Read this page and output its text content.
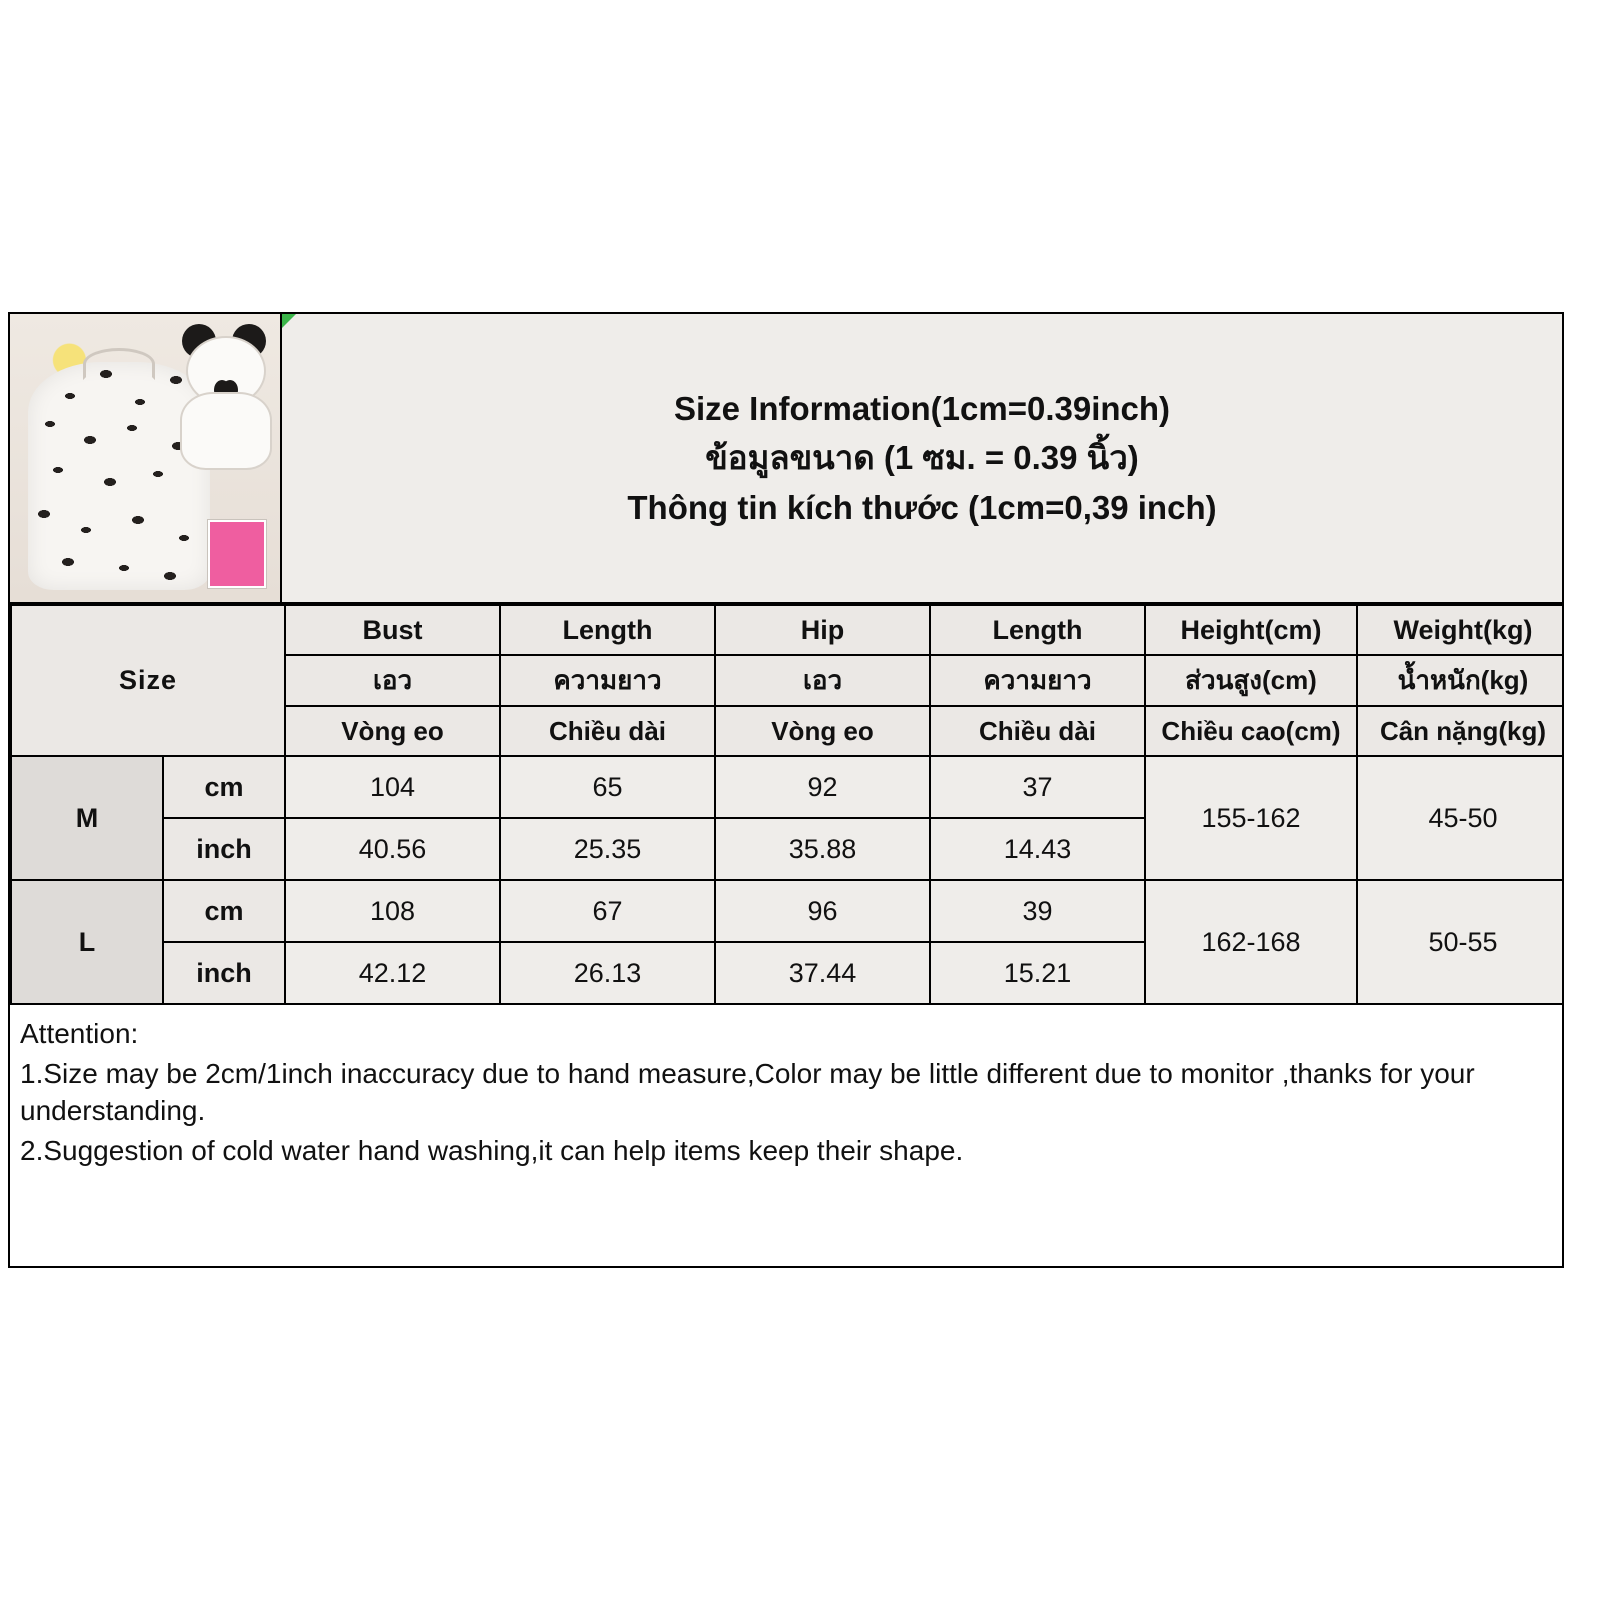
Size Information(1cm=0.39inch)
ข้อมูลขนาด (1 ซม. = 0.39 นิ้ว)
Thông tin kích thước (1cm=0,39 inch)
Size		Bust	Length	Hip	Length	Height(cm)	Weight(kg)
		เอว	ความยาว	เอว	ความยาว	ส่วนสูง(cm)	น้ำหนัก(kg)
		Vòng eo	Chiều dài	Vòng eo	Chiều dài	Chiều cao(cm)	Cân nặng(kg)
M	cm	104	65	92	37	155-162	45-50
	inch	40.56	25.35	35.88	14.43		
L	cm	108	67	96	39	162-168	50-55
	inch	42.12	26.13	37.44	15.21		

Attention:

1.Size may be 2cm/1inch inaccuracy due to hand measure,Color may be little different due to monitor ,thanks for your understanding.

2.Suggestion of cold water hand washing,it can help items keep their shape.
